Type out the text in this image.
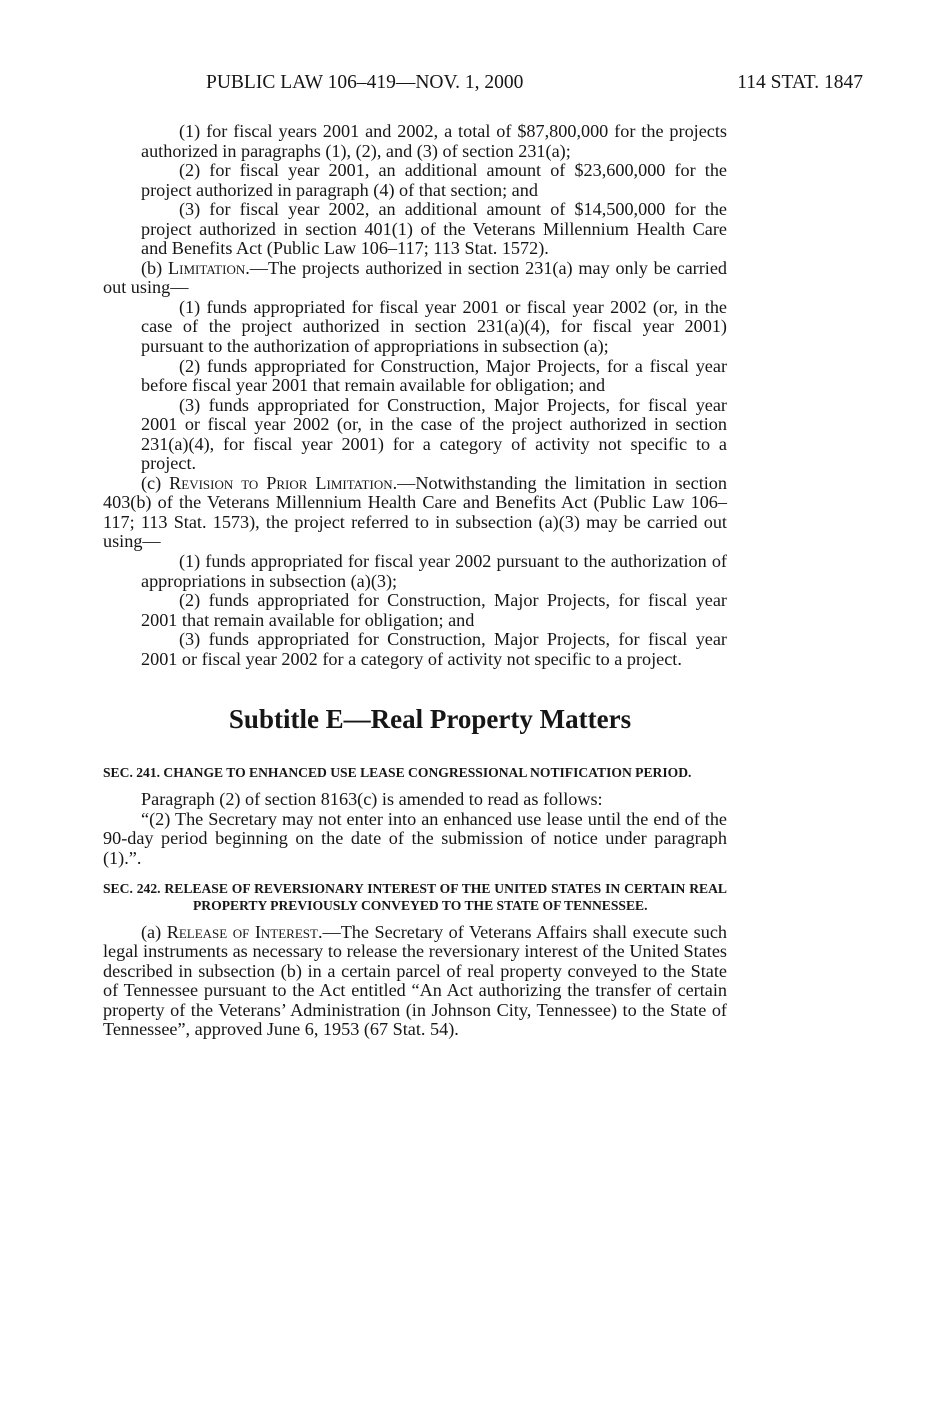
PUBLIC LAW 106–419—NOV. 1, 2000	114 STAT. 1847

(1) for fiscal years 2001 and 2002, a total of $87,800,000 for the projects authorized in paragraphs (1), (2), and (3) of section 231(a);

(2) for fiscal year 2001, an additional amount of $23,600,000 for the project authorized in paragraph (4) of that section; and

(3) for fiscal year 2002, an additional amount of $14,500,000 for the project authorized in section 401(1) of the Veterans Millennium Health Care and Benefits Act (Public Law 106–117; 113 Stat. 1572).

(b) Limitation.—The projects authorized in section 231(a) may only be carried out using—

(1) funds appropriated for fiscal year 2001 or fiscal year 2002 (or, in the case of the project authorized in section 231(a)(4), for fiscal year 2001) pursuant to the authorization of appropriations in subsection (a);

(2) funds appropriated for Construction, Major Projects, for a fiscal year before fiscal year 2001 that remain available for obligation; and

(3) funds appropriated for Construction, Major Projects, for fiscal year 2001 or fiscal year 2002 (or, in the case of the project authorized in section 231(a)(4), for fiscal year 2001) for a category of activity not specific to a project.

(c) Revision to Prior Limitation.—Notwithstanding the limitation in section 403(b) of the Veterans Millennium Health Care and Benefits Act (Public Law 106–117; 113 Stat. 1573), the project referred to in subsection (a)(3) may be carried out using—

(1) funds appropriated for fiscal year 2002 pursuant to the authorization of appropriations in subsection (a)(3);

(2) funds appropriated for Construction, Major Projects, for fiscal year 2001 that remain available for obligation; and

(3) funds appropriated for Construction, Major Projects, for fiscal year 2001 or fiscal year 2002 for a category of activity not specific to a project.

Subtitle E—Real Property Matters

SEC. 241. CHANGE TO ENHANCED USE LEASE CONGRESSIONAL NOTIFICATION PERIOD.

Paragraph (2) of section 8163(c) is amended to read as follows:

“(2) The Secretary may not enter into an enhanced use lease until the end of the 90-day period beginning on the date of the submission of notice under paragraph (1).”.

SEC. 242. RELEASE OF REVERSIONARY INTEREST OF THE UNITED STATES IN CERTAIN REAL PROPERTY PREVIOUSLY CONVEYED TO THE STATE OF TENNESSEE.

(a) Release of Interest.—The Secretary of Veterans Affairs shall execute such legal instruments as necessary to release the reversionary interest of the United States described in subsection (b) in a certain parcel of real property conveyed to the State of Tennessee pursuant to the Act entitled “An Act authorizing the transfer of certain property of the Veterans’ Administration (in Johnson City, Tennessee) to the State of Tennessee”, approved June 6, 1953 (67 Stat. 54).
